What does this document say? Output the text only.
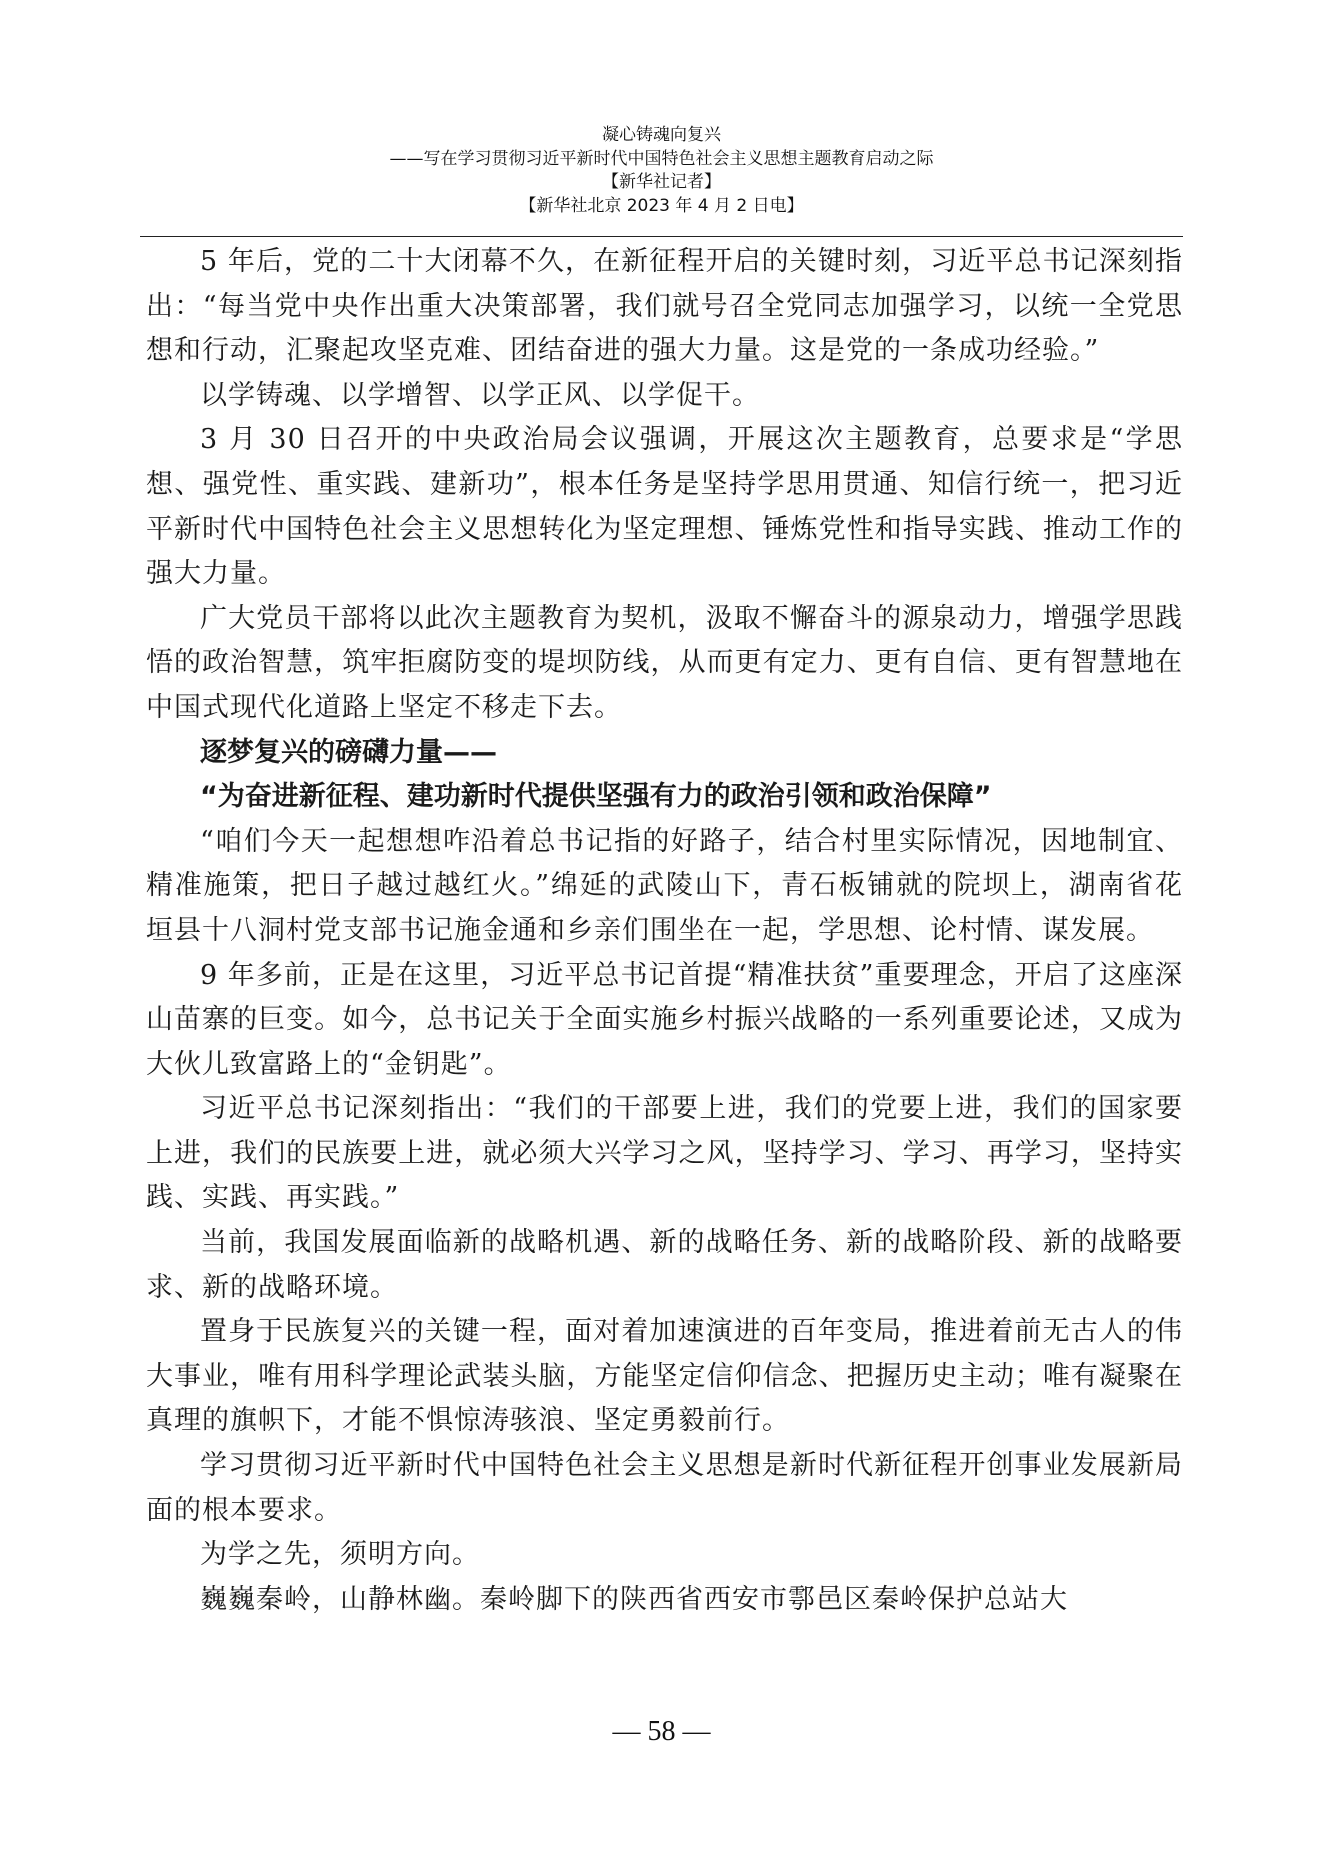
凝心铸魂向复兴
——写在学习贯彻习近平新时代中国特色社会主义思想主题教育启动之际
【新华社记者】
【新华社北京 2023 年 4 月 2 日电】

5 年后，党的二十大闭幕不久，在新征程开启的关键时刻，习近平总书记深刻指出：“每当党中央作出重大决策部署，我们就号召全党同志加强学习，以统一全党思想和行动，汇聚起攻坚克难、团结奋进的强大力量。这是党的一条成功经验。”

以学铸魂、以学增智、以学正风、以学促干。

3 月 30 日召开的中央政治局会议强调，开展这次主题教育，总要求是“学思想、强党性、重实践、建新功”，根本任务是坚持学思用贯通、知信行统一，把习近平新时代中国特色社会主义思想转化为坚定理想、锤炼党性和指导实践、推动工作的强大力量。

广大党员干部将以此次主题教育为契机，汲取不懈奋斗的源泉动力，增强学思践悟的政治智慧，筑牢拒腐防变的堤坝防线，从而更有定力、更有自信、更有智慧地在中国式现代化道路上坚定不移走下去。

逐梦复兴的磅礴力量——

“为奋进新征程、建功新时代提供坚强有力的政治引领和政治保障”

“咱们今天一起想想咋沿着总书记指的好路子，结合村里实际情况，因地制宜、精准施策，把日子越过越红火。”绵延的武陵山下，青石板铺就的院坝上，湖南省花垣县十八洞村党支部书记施金通和乡亲们围坐在一起，学思想、论村情、谋发展。

9 年多前，正是在这里，习近平总书记首提“精准扶贫”重要理念，开启了这座深山苗寨的巨变。如今，总书记关于全面实施乡村振兴战略的一系列重要论述，又成为大伙儿致富路上的“金钥匙”。

习近平总书记深刻指出：“我们的干部要上进，我们的党要上进，我们的国家要上进，我们的民族要上进，就必须大兴学习之风，坚持学习、学习、再学习，坚持实践、实践、再实践。”

当前，我国发展面临新的战略机遇、新的战略任务、新的战略阶段、新的战略要求、新的战略环境。

置身于民族复兴的关键一程，面对着加速演进的百年变局，推进着前无古人的伟大事业，唯有用科学理论武装头脑，方能坚定信仰信念、把握历史主动；唯有凝聚在真理的旗帜下，才能不惧惊涛骇浪、坚定勇毅前行。

学习贯彻习近平新时代中国特色社会主义思想是新时代新征程开创事业发展新局面的根本要求。

为学之先，须明方向。

巍巍秦岭，山静林幽。秦岭脚下的陕西省西安市鄠邑区秦岭保护总站大

— 58 —
